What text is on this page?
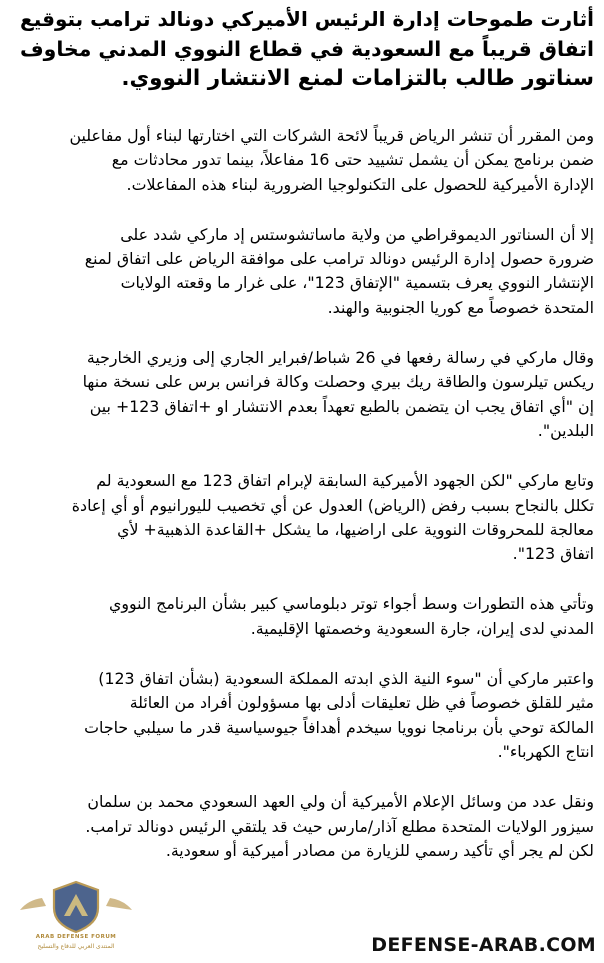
أثارت طموحات إدارة الرئيس الأميركي دونالد ترامب بتوقيع
اتفاق قريباً مع السعودية في قطاع النووي المدني مخاوف
سناتور طالب بالتزامات لمنع الانتشار النووي.

ومن المقرر أن تنشر الرياض قريباً لائحة الشركات التي اختارتها لبناء أول مفاعلين
ضمن برنامج يمكن أن يشمل تشييد حتى 16 مفاعلاً، بينما تدور محادثات مع
الإدارة الأميركية للحصول على التكنولوجيا الضرورية لبناء هذه المفاعلات.

إلا أن السناتور الديموقراطي من ولاية ماساتشوستس إد ماركي شدد على
ضرورة حصول إدارة الرئيس دونالد ترامب على موافقة الرياض على اتفاق لمنع
الإنتشار النووي يعرف بتسمية "الإتفاق 123"، على غرار ما وقعته الولايات
المتحدة خصوصاً مع كوريا الجنوبية والهند.

وقال ماركي في رسالة رفعها في 26 شباط/فبراير الجاري إلى وزيري الخارجية
ريكس تيلرسون والطاقة ريك بيري وحصلت وكالة فرانس برس على نسخة منها
إن "أي اتفاق يجب ان يتضمن بالطبع تعهداً بعدم الانتشار او +اتفاق 123+ بين
البلدين".

وتابع ماركي "لكن الجهود الأميركية السابقة لإبرام اتفاق 123 مع السعودية لم
تكلل بالنجاح بسبب رفض (الرياض) العدول عن أي تخصيب لليورانيوم أو أي إعادة
معالجة للمحروقات النووية على اراضيها، ما يشكل +القاعدة الذهبية+ لأي
اتفاق 123".

وتأتي هذه التطورات وسط أجواء توتر دبلوماسي كبير بشأن البرنامج النووي
المدني لدى إيران، جارة السعودية وخصمتها الإقليمية.

واعتبر ماركي أن "سوء النية الذي ابدته المملكة السعودية (بشأن اتفاق 123)
مثير للقلق خصوصاً في ظل تعليقات أدلى بها مسؤولون أفراد من العائلة
المالكة توحي بأن برنامجا نوويا سيخدم أهدافاً جيوسياسية قدر ما سيلبي حاجات
انتاج الكهرباء".

ونقل عدد من وسائل الإعلام الأميركية أن ولي العهد السعودي محمد بن سلمان
سيزور الولايات المتحدة مطلع آذار/مارس حيث قد يلتقي الرئيس دونالد ترامب.
لكن لم يجر أي تأكيد رسمي للزيارة من مصادر أميركية أو سعودية.

ARAB DEFENSE FORUM
المنتدى العربي للدفاع والتسليح	DEFENSE-ARAB.COM
